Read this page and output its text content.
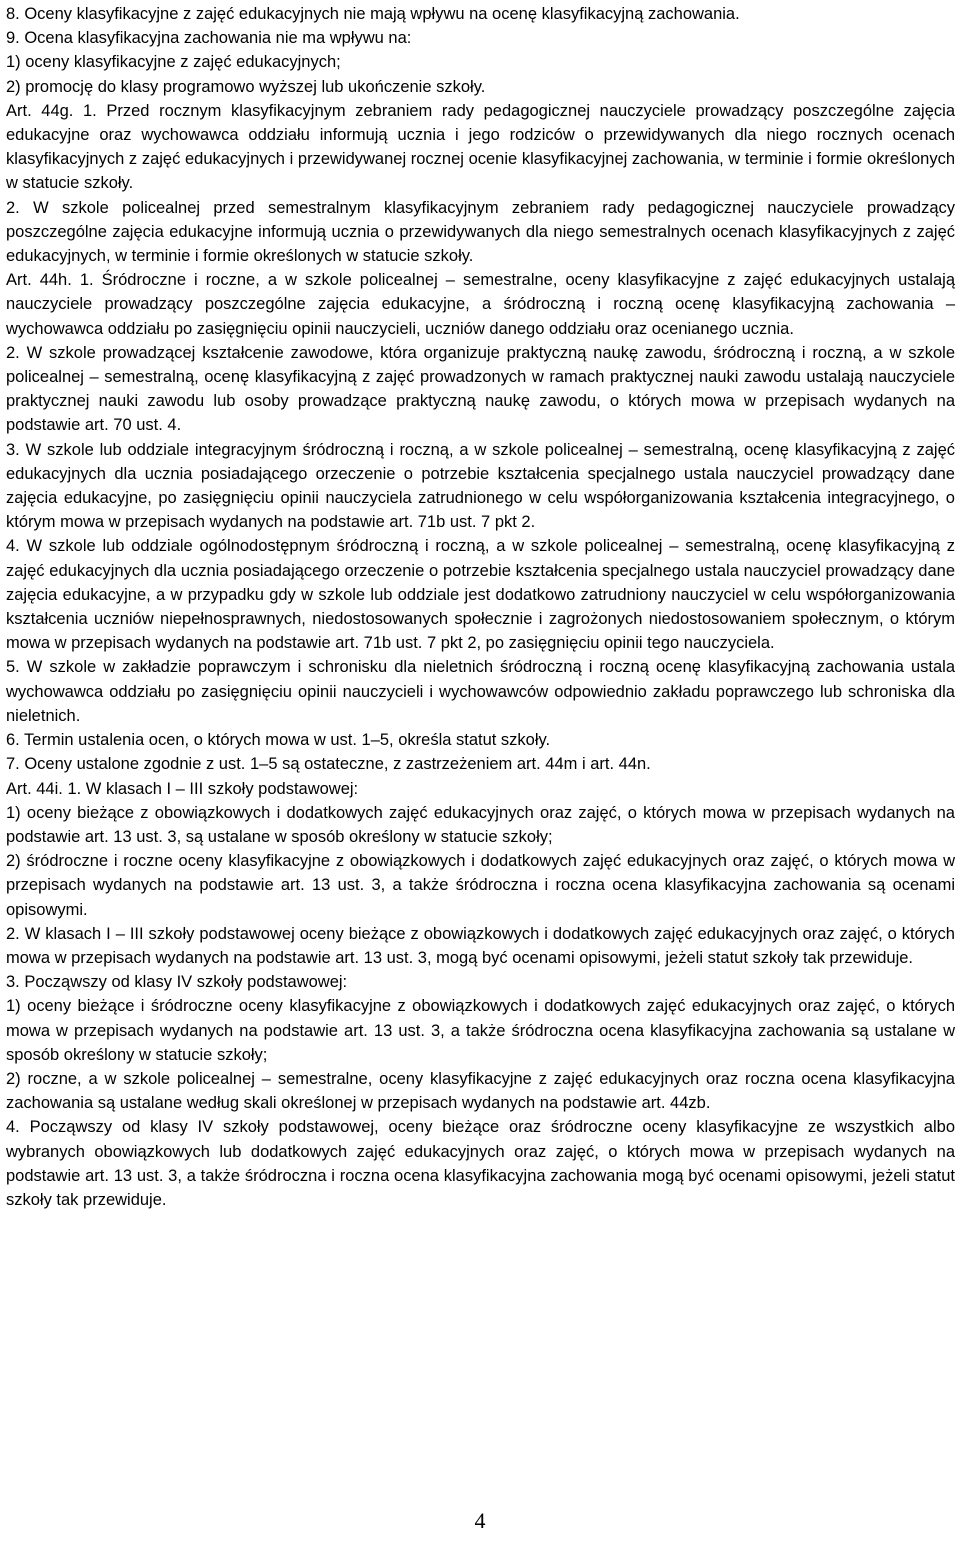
8. Oceny klasyfikacyjne z zajęć edukacyjnych nie mają wpływu na ocenę klasyfikacyjną zachowania.

9. Ocena klasyfikacyjna zachowania nie ma wpływu na:

1) oceny klasyfikacyjne z zajęć edukacyjnych;

2) promocję do klasy programowo wyższej lub ukończenie szkoły.

Art. 44g. 1. Przed rocznym klasyfikacyjnym zebraniem rady pedagogicznej nauczyciele prowadzący poszczególne zajęcia edukacyjne oraz wychowawca oddziału informują ucznia i jego rodziców o przewidywanych dla niego rocznych ocenach klasyfikacyjnych z zajęć edukacyjnych i przewidywanej rocznej ocenie klasyfikacyjnej zachowania, w terminie i formie określonych w statucie szkoły.

2. W szkole policealnej przed semestralnym klasyfikacyjnym zebraniem rady pedagogicznej nauczyciele prowadzący poszczególne zajęcia edukacyjne informują ucznia o przewidywanych dla niego semestralnych ocenach klasyfikacyjnych z zajęć edukacyjnych, w terminie i formie określonych w statucie szkoły.

Art. 44h. 1. Śródroczne i roczne, a w szkole policealnej – semestralne, oceny klasyfikacyjne z zajęć edukacyjnych ustalają nauczyciele prowadzący poszczególne zajęcia edukacyjne, a śródroczną i roczną ocenę klasyfikacyjną zachowania – wychowawca oddziału po zasięgnięciu opinii nauczycieli, uczniów danego oddziału oraz ocenianego ucznia.

2. W szkole prowadzącej kształcenie zawodowe, która organizuje praktyczną naukę zawodu, śródroczną i roczną, a w szkole policealnej – semestralną, ocenę klasyfikacyjną z zajęć prowadzonych w ramach praktycznej nauki zawodu ustalają nauczyciele praktycznej nauki zawodu lub osoby prowadzące praktyczną naukę zawodu, o których mowa w przepisach wydanych na podstawie art. 70 ust. 4.

3. W szkole lub oddziale integracyjnym śródroczną i roczną, a w szkole policealnej – semestralną, ocenę klasyfikacyjną z zajęć edukacyjnych dla ucznia posiadającego orzeczenie o potrzebie kształcenia specjalnego ustala nauczyciel prowadzący dane zajęcia edukacyjne, po zasięgnięciu opinii nauczyciela zatrudnionego w celu współorganizowania kształcenia integracyjnego, o którym mowa w przepisach wydanych na podstawie art. 71b ust. 7 pkt 2.

4. W szkole lub oddziale ogólnodostępnym śródroczną i roczną, a w szkole policealnej – semestralną, ocenę klasyfikacyjną z zajęć edukacyjnych dla ucznia posiadającego orzeczenie o potrzebie kształcenia specjalnego ustala nauczyciel prowadzący dane zajęcia edukacyjne, a w przypadku gdy w szkole lub oddziale jest dodatkowo zatrudniony nauczyciel w celu współorganizowania kształcenia uczniów niepełnosprawnych, niedostosowanych społecznie i zagrożonych niedostosowaniem społecznym, o którym mowa w przepisach wydanych na podstawie art. 71b ust. 7 pkt 2, po zasięgnięciu opinii tego nauczyciela.

5. W szkole w zakładzie poprawczym i schronisku dla nieletnich śródroczną i roczną ocenę klasyfikacyjną zachowania ustala wychowawca oddziału po zasięgnięciu opinii nauczycieli i wychowawców odpowiednio zakładu poprawczego lub schroniska dla nieletnich.

6. Termin ustalenia ocen, o których mowa w ust. 1–5, określa statut szkoły.

7. Oceny ustalone zgodnie z ust. 1–5 są ostateczne, z zastrzeżeniem art. 44m i art. 44n.

Art. 44i. 1. W klasach I – III szkoły podstawowej:

1) oceny bieżące z obowiązkowych i dodatkowych zajęć edukacyjnych oraz zajęć, o których mowa w przepisach wydanych na podstawie art. 13 ust. 3, są ustalane w sposób określony w statucie szkoły;

2) śródroczne i roczne oceny klasyfikacyjne z obowiązkowych i dodatkowych zajęć edukacyjnych oraz zajęć, o których mowa w przepisach wydanych na podstawie art. 13 ust. 3, a także śródroczna i roczna ocena klasyfikacyjna zachowania są ocenami opisowymi.

2. W klasach I – III szkoły podstawowej oceny bieżące z obowiązkowych i dodatkowych zajęć edukacyjnych oraz zajęć, o których mowa w przepisach wydanych na podstawie art. 13 ust. 3, mogą być ocenami opisowymi, jeżeli statut szkoły tak przewiduje.

3. Począwszy od klasy IV szkoły podstawowej:

1) oceny bieżące i śródroczne oceny klasyfikacyjne z obowiązkowych i dodatkowych zajęć edukacyjnych oraz zajęć, o których mowa w przepisach wydanych na podstawie art. 13 ust. 3, a także śródroczna ocena klasyfikacyjna zachowania są ustalane w sposób określony w statucie szkoły;

2) roczne, a w szkole policealnej – semestralne, oceny klasyfikacyjne z zajęć edukacyjnych oraz roczna ocena klasyfikacyjna zachowania są ustalane według skali określonej w przepisach wydanych na podstawie art. 44zb.

4. Począwszy od klasy IV szkoły podstawowej, oceny bieżące oraz śródroczne oceny klasyfikacyjne ze wszystkich albo wybranych obowiązkowych lub dodatkowych zajęć edukacyjnych oraz zajęć, o których mowa w przepisach wydanych na podstawie art. 13 ust. 3, a także śródroczna i roczna ocena klasyfikacyjna zachowania mogą być ocenami opisowymi, jeżeli statut szkoły tak przewiduje.

4
